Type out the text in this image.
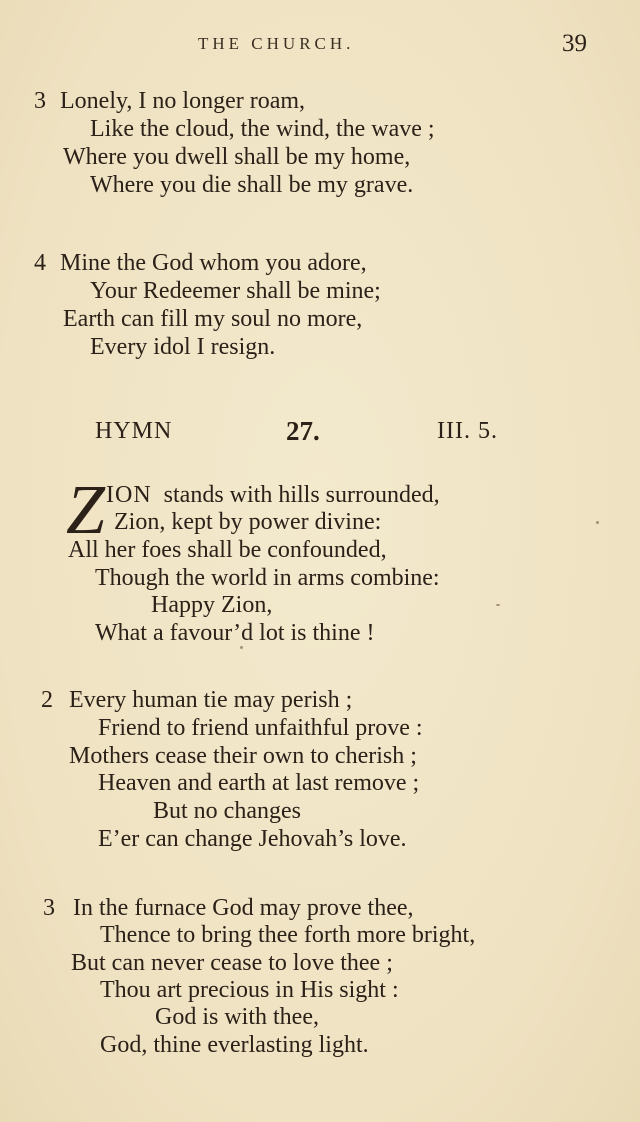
THE CHURCH.	39
3 Lonely, I no longer roam,
Like the cloud, the wind, the wave ;
Where you dwell shall be my home,
Where you die shall be my grave.
4 Mine the God whom you adore,
Your Redeemer shall be mine;
Earth can fill my soul no more,
Every idol I resign.
HYMN	27.	III. 5.
Z ION stands with hills surrounded,
Zion, kept by power divine:
All her foes shall be confounded,
Though the world in arms combine:
Happy Zion,
What a favour’d lot is thine !
2 Every human tie may perish ;
Friend to friend unfaithful prove :
Mothers cease their own to cherish ;
Heaven and earth at last remove ;
But no changes
E’er can change Jehovah’s love.
3 In the furnace God may prove thee,
Thence to bring thee forth more bright,
But can never cease to love thee ;
Thou art precious in His sight :
God is with thee,
God, thine everlasting light.
